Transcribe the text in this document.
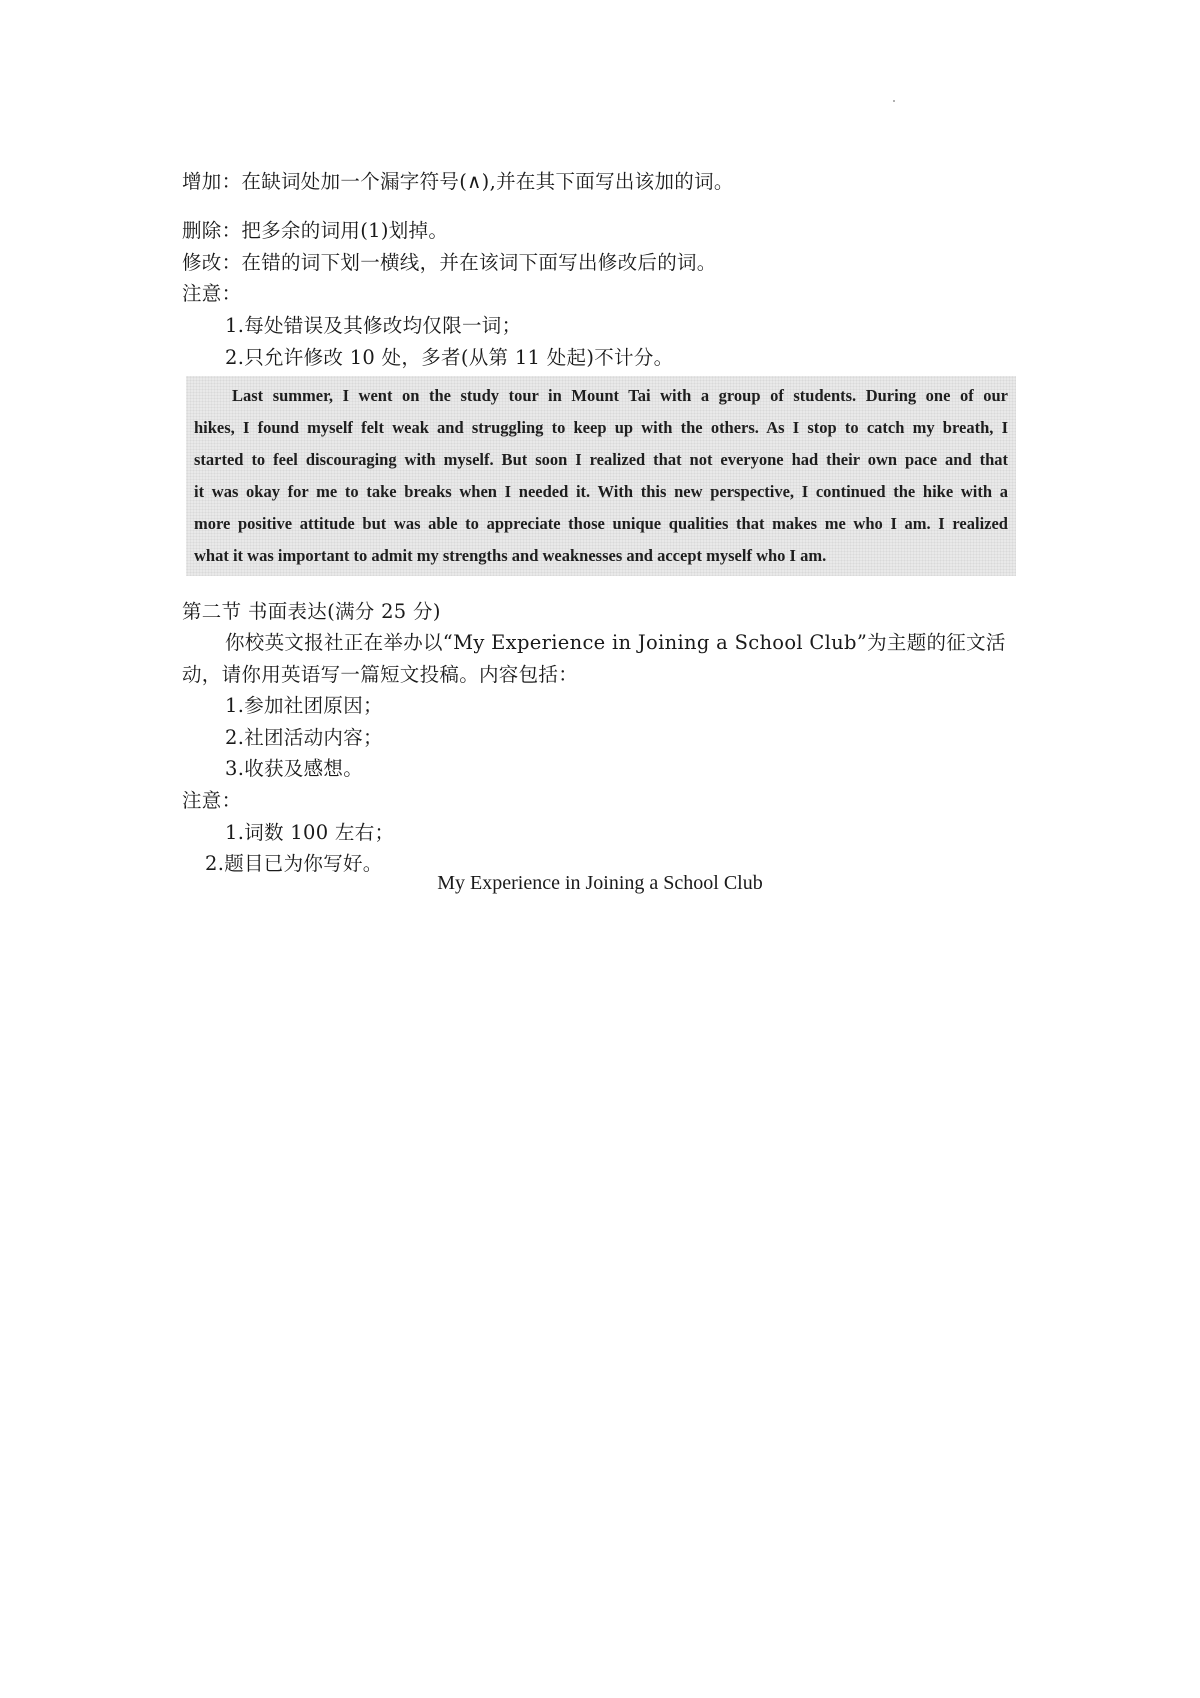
增加：在缺词处加一个漏字符号(∧),并在其下面写出该加的词。
删除：把多余的词用(1)划掉。
修改：在错的词下划一横线，并在该词下面写出修改后的词。
注意：
1.每处错误及其修改均仅限一词；
2.只允许修改 10 处，多者(从第 11 处起)不计分。
Last summer, I went on the study tour in Mount Tai with a group of students. During one of our
hikes, I found myself felt weak and struggling to keep up with the others. As I stop to catch my breath, I
started to feel discouraging with myself. But soon I realized that not everyone had their own pace and that
it was okay for me to take breaks when I needed it. With this new perspective, I continued the hike with a
more positive attitude but was able to appreciate those unique qualities that makes me who I am. I realized
what it was important to admit my strengths and weaknesses and accept myself who I am.
第二节 书面表达(满分 25 分)
你校英文报社正在举办以“My Experience in Joining a School Club”为主题的征文活
动，请你用英语写一篇短文投稿。内容包括：
1.参加社团原因；
2.社团活动内容；
3.收获及感想。
注意：
1.词数 100 左右；
2.题目已为你写好。
My Experience in Joining a School Club
